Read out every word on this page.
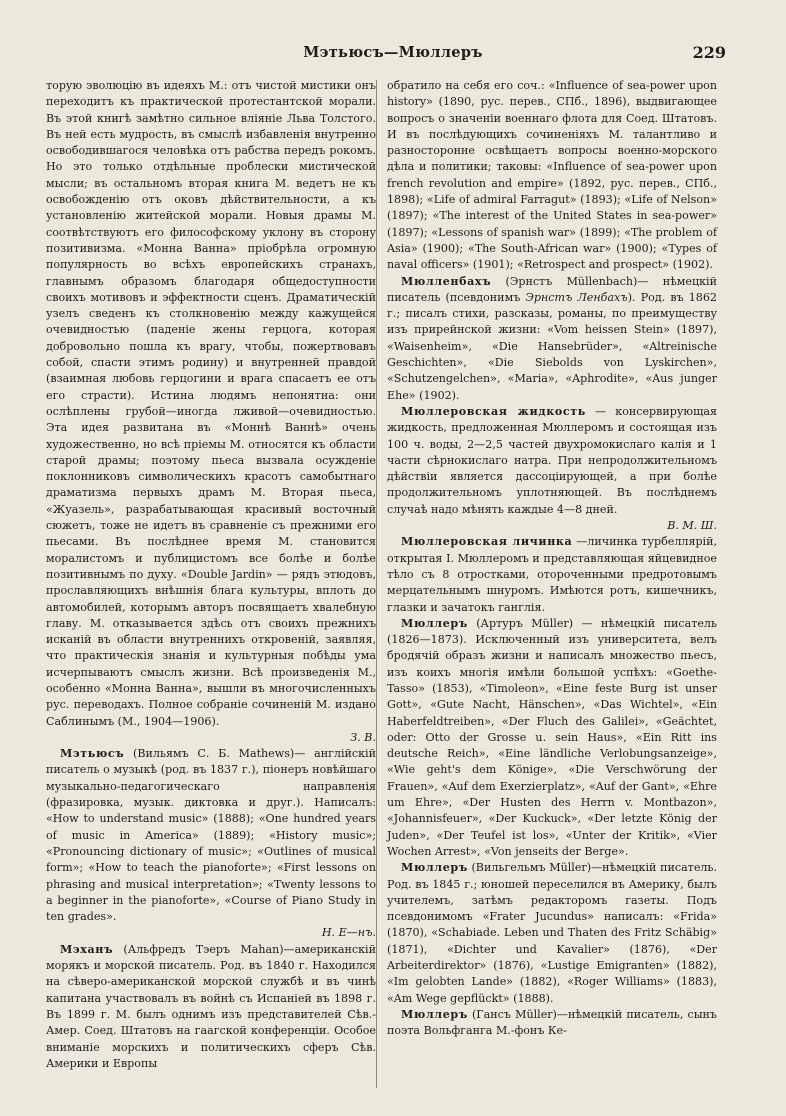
Мэтьюсъ—Мюллеръ	229

торую эволюцію въ идеяхъ М.: отъ чистой мистики онъ переходитъ къ практической протестантской морали. Въ этой книгѣ замѣтно сильное вліяніе Льва Толстого. Въ ней есть мудрость, въ смыслѣ избавленія внутренно освободившагося человѣка отъ рабства передъ рокомъ. Но это только отдѣльные проблески мистической мысли; въ остальномъ вторая книга М. ведетъ не къ освобожденію отъ оковъ дѣйствительности, а къ установленію житейской морали. Новыя драмы М. соотвѣтствуютъ его философскому уклону въ сторону позитивизма. «Монна Ванна» пріобрѣла огромную популярность во всѣхъ европейскихъ странахъ, главнымъ образомъ благодаря общедоступности своихъ мотивовъ и эффектности сценъ. Драматическій узелъ сведенъ къ столкновенію между кажущейся очевидностью (паденіе жены герцога, которая добровольно пошла къ врагу, чтобы, пожертвовавъ собой, спасти этимъ родину) и внутренней правдой (взаимная любовь герцогини и врага спасаетъ ее отъ его страсти). Истина людямъ непонятна: они ослѣплены грубой—иногда лживой—очевидностью. Эта идея развитана въ «Моннѣ Ваннѣ» очень художественно, но всѣ пріемы М. относятся къ области старой драмы; поэтому пьеса вызвала осужденіе поклонниковъ символическихъ красотъ самобытнаго драматизма первыхъ драмъ М. Вторая пьеса, «Жуазель», разрабатывающая красивый восточный сюжетъ, тоже не идетъ въ сравненіе съ прежними его пьесами. Въ послѣднее время М. становится моралистомъ и публицистомъ все болѣе и болѣе позитивнымъ по духу. «Double Jardin» — рядъ этюдовъ, прославляющихъ внѣшнія блага культуры, вплоть до автомобилей, которымъ авторъ посвящаетъ хвалебную главу. М. отказывается здѣсь отъ своихъ прежнихъ исканій въ области внутреннихъ откровеній, заявляя, что практическія знанія и культурныя побѣды ума исчерпываютъ смыслъ жизни. Всѣ произведенія М., особенно «Монна Ванна», вышли въ многочисленныхъ рус. переводахъ. Полное собраніе сочиненій М. издано Саблинымъ (М., 1904—1906).
З. В.

Мэтьюсъ (Вильямъ С. Б. Mathews)— англійскій писатель о музыкѣ (род. въ 1837 г.), піонеръ новѣйшаго музыкально-педагогическаго направленія (фразировка, музык. диктовка и друг.). Написалъ: «How to understand music» (1888); «One hundred years of music in America» (1889); «History music»; «Pronouncing dictionary of music»; «Outlines of musical form»; «How to teach the pianoforte»; «First lessons on phrasing and musical interpretation»; «Twenty lessons to a beginner in the pianoforte», «Course of Piano Study in ten grades».
Н. Е—нъ.

Мэханъ (Альфредъ Тэеръ Mahan)—американскій морякъ и морской писатель. Род. въ 1840 г. Находился на сѣверо-американской морской службѣ и въ чинѣ капитана участвовалъ въ войнѣ съ Испаніей въ 1898 г. Въ 1899 г. М. былъ однимъ изъ представителей Сѣв.-Амер. Соед. Штатовъ на гаагской конференціи. Особое вниманіе морскихъ и политическихъ сферъ Сѣв. Америки и Европы

обратило на себя его соч.: «Influence of sea-power upon history» (1890, рус. перев., СПб., 1896), выдвигающее вопросъ о значеніи военнаго флота для Соед. Штатовъ. И въ послѣдующихъ сочиненіяхъ М. талантливо и разносторонне освѣщаетъ вопросы военно-морского дѣла и политики; таковы: «Influence of sea-power upon french revolution and empire» (1892, рус. перев., СПб., 1898); «Life of admiral Farragut» (1893); «Life of Nelson» (1897); «The interest of the United States in sea-power» (1897); «Lessons of spanish war» (1899); «The problem of Asia» (1900); «The South-African war» (1900); «Types of naval officers» (1901); «Retrospect and prospect» (1902).

Мюлленбахъ (Эрнстъ Müllenbach)— нѣмецкій писатель (псевдонимъ Эрнстъ Ленбахъ). Род. въ 1862 г.; писалъ стихи, разсказы, романы, по преимуществу изъ прирейнской жизни: «Vom heissen Stein» (1897), «Waisenheim», «Die Hansebrüder», «Altreinische Geschichten», «Die Siebolds von Lyskirchen», «Schutzengelchen», «Maria», «Aphrodite», «Aus junger Ehe» (1902).

Мюллеровская жидкость — консервирующая жидкость, предложенная Мюллеромъ и состоящая изъ 100 ч. воды, 2—2,5 частей двухромокислаго калія и 1 части сѣрнокислаго натра. При непродолжительномъ дѣйствіи является дассоціирующей, а при болѣе продолжительномъ уплотняющей. Въ послѣднемъ случаѣ надо мѣнять каждые 4—8 дней.
В. М. Ш.

Мюллеровская личинка —личинка турбеллярій, открытая І. Мюллеромъ и представляющая яйцевидное тѣло съ 8 отростками, отороченными предротовымъ мерцательнымъ шнуромъ. Имѣются ротъ, кишечникъ, глазки и зачатокъ ганглія.

Мюллеръ (Артуръ Müller) — нѣмецкій писатель (1826—1873). Исключенный изъ университета, велъ бродячій образъ жизни и написалъ множество пьесъ, изъ коихъ многія имѣли большой успѣхъ: «Goethe-Tasso» (1853), «Timoleon», «Eine feste Burg ist unser Gott», «Gute Nacht, Hänschen», «Das Wichtel», «Ein Haberfeldtreiben», «Der Fluch des Galilei», «Geächtet, oder: Otto der Grosse u. sein Haus», «Ein Ritt ins deutsche Reich», «Eine ländliche Verlobungsanzeige», «Wie geht's dem Könige», «Die Verschwörung der Frauen», «Auf dem Exerzierplatz», «Auf der Gant», «Ehre um Ehre», «Der Husten des Herrn v. Montbazon», «Johannisfeuer», «Der Kuckuck», «Der letzte König der Juden», «Der Teufel ist los», «Unter der Kritik», «Vier Wochen Arrest», «Von jenseits der Berge».

Мюллеръ (Вильгельмъ Müller)—нѣмецкій писатель. Род. въ 1845 г.; юношей переселился въ Америку, былъ учителемъ, затѣмъ редакторомъ газеты. Подъ псевдонимомъ «Frater Jucundus» написалъ: «Frida» (1870), «Schabiade. Leben und Thaten des Fritz Schäbig» (1871), «Dichter und Kavalier» (1876), «Der Arbeiterdirektor» (1876), «Lustige Emigranten» (1882), «Im gelobten Lande» (1882), «Roger Williams» (1883), «Am Wege gepflückt» (1888).

Мюллеръ (Гансъ Müller)—нѣмецкій писатель, сынъ поэта Вольфганга М.-фонъ Ке-
